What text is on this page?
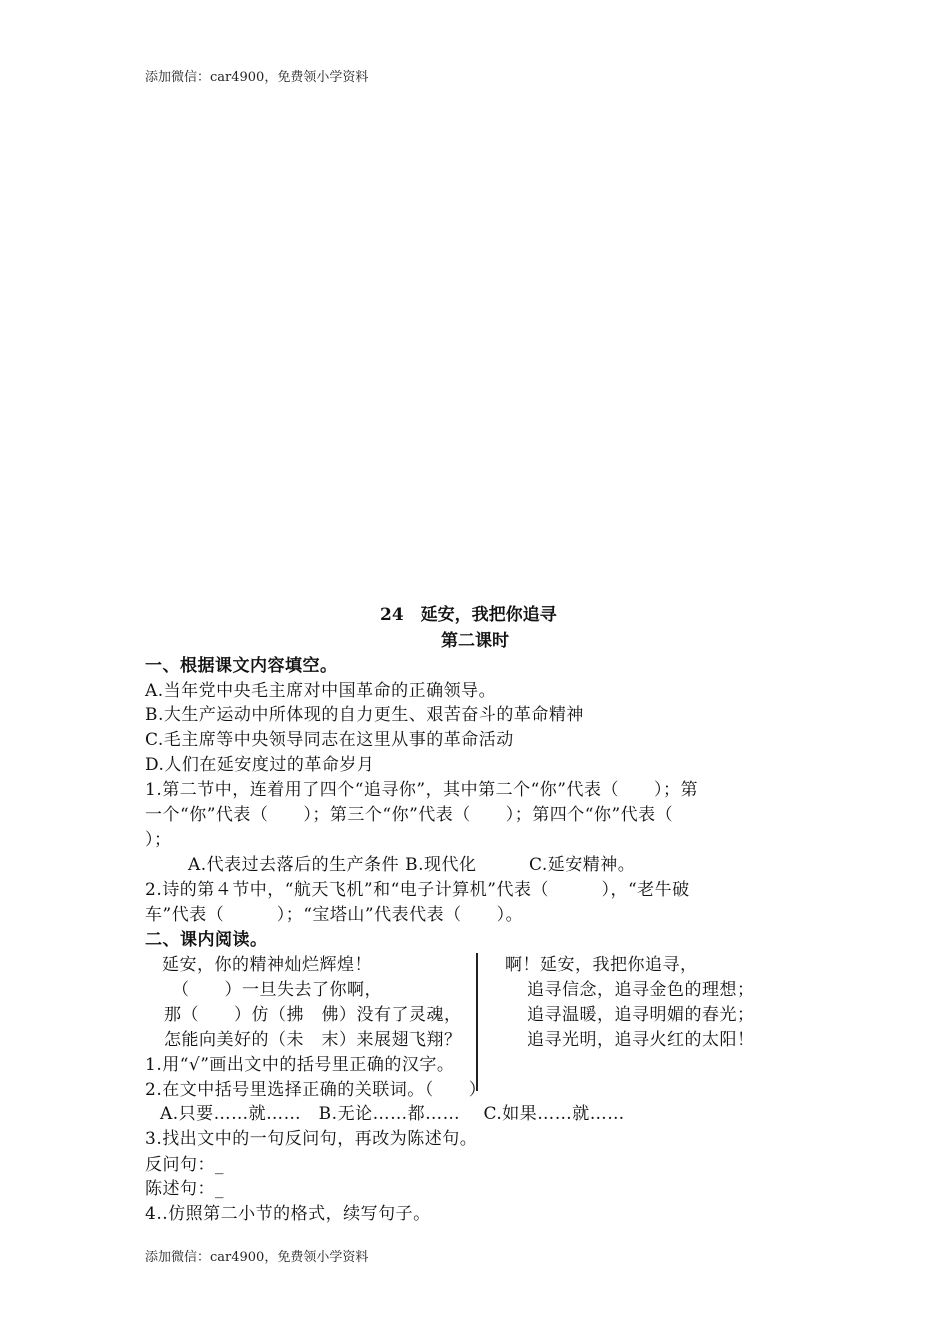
添加微信：car4900，免费领小学资料
24　延安，我把你追寻
第二课时
一、根据课文内容填空。
A.当年党中央毛主席对中国革命的正确领导。
B.大生产运动中所体现的自力更生、艰苦奋斗的革命精神
C.毛主席等中央领导同志在这里从事的革命活动
D.人们在延安度过的革命岁月
1.第二节中，连着用了四个“追寻你”，其中第二个“你”代表（　　）；第
一个“你”代表（　　）；第三个“你”代表（　　）；第四个“你”代表（
）；
A.代表过去落后的生产条件 B.现代化　　　C.延安精神。
2.诗的第４节中，“航天飞机”和“电子计算机”代表（　　　），“老牛破
车”代表（　　　）；“宝塔山”代表代表（　　）。
二、课内阅读。
延安，你的精神灿烂辉煌！
（　　）一旦失去了你啊，
那（　　）仿（拂　佛）没有了灵魂，
怎能向美好的（未　末）来展翅飞翔？
啊！延安，我把你追寻，
追寻信念，追寻金色的理想；
追寻温暖，追寻明媚的春光；
追寻光明，追寻火红的太阳！
1.用“√”画出文中的括号里正确的汉字。
2.在文中括号里选择正确的关联词。（　　）
A.只要……就……　B.无论……都……　 C.如果……就……
3.找出文中的一句反问句，再改为陈述句。
反问句：_
陈述句：_
4..仿照第二小节的格式，续写句子。
添加微信：car4900，免费领小学资料
